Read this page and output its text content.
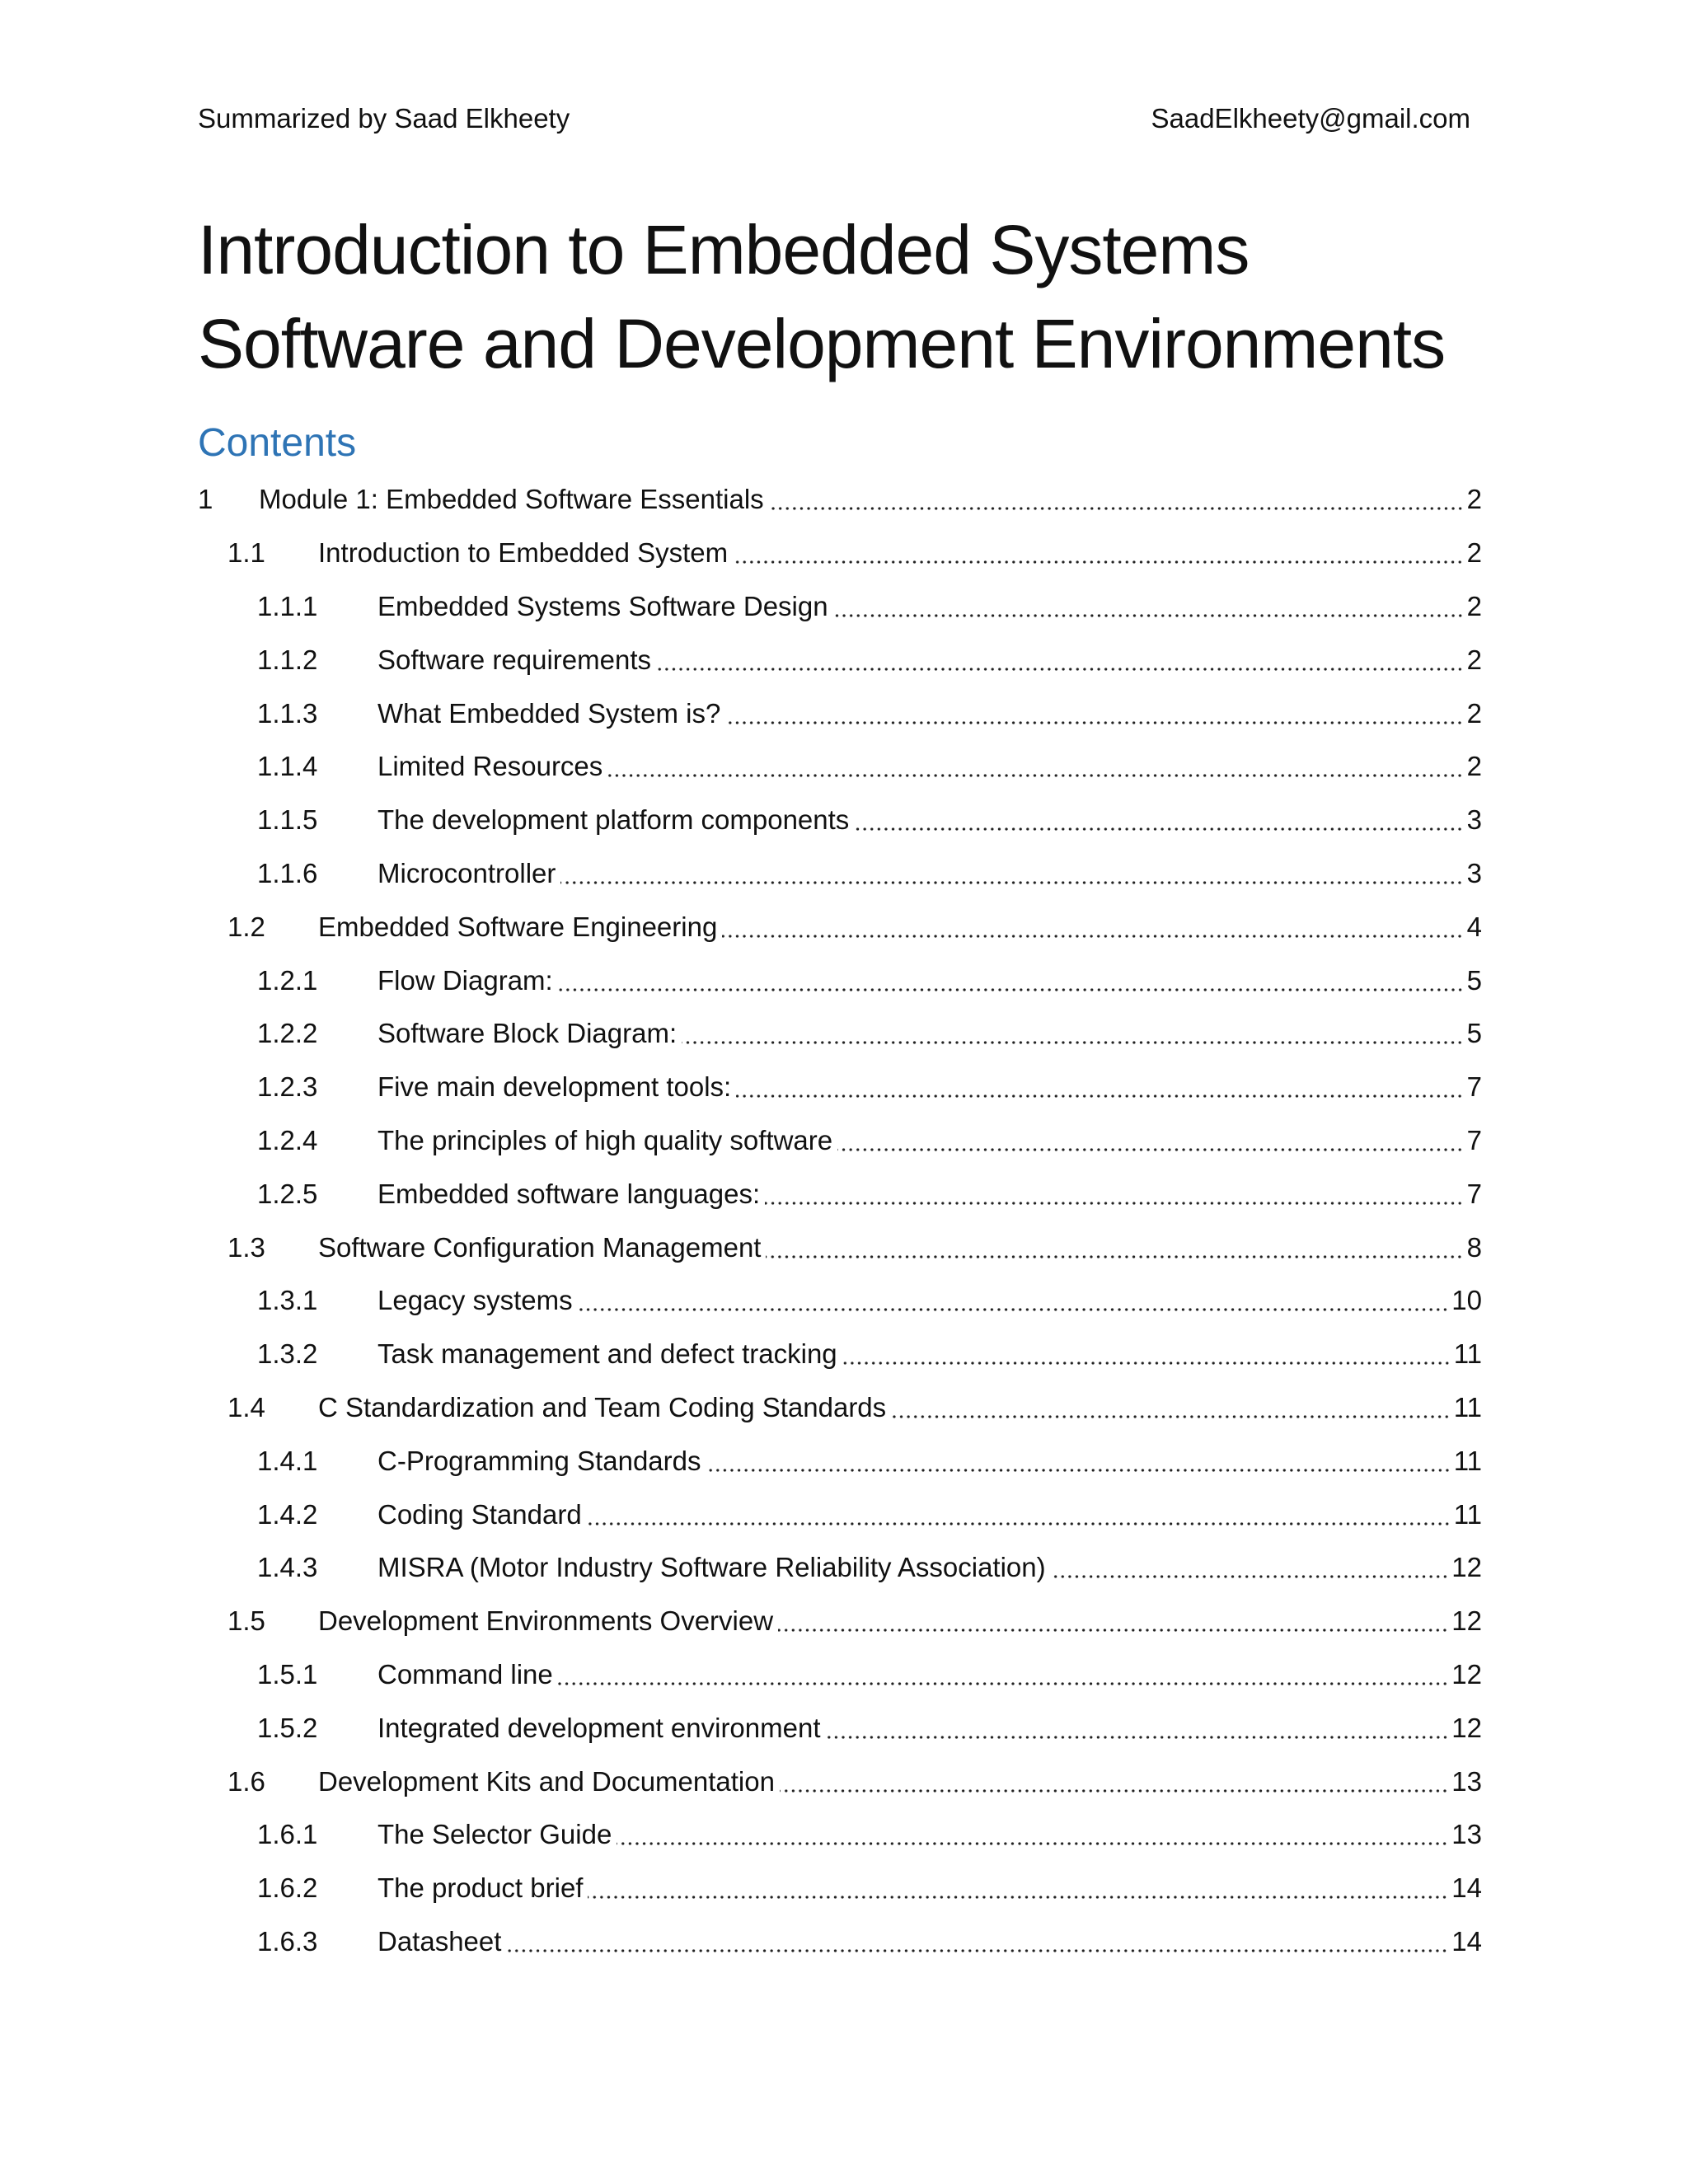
Summarized by Saad Elkheety	SaadElkheety@gmail.com
Introduction to Embedded Systems
Software and Development Environments
Contents
1	Module 1: Embedded Software Essentials	2
1.1	Introduction to Embedded System	2
1.1.1	Embedded Systems Software Design	2
1.1.2	Software requirements	2
1.1.3	What Embedded System is?	2
1.1.4	Limited Resources	2
1.1.5	The development platform components	3
1.1.6	Microcontroller	3
1.2	Embedded Software Engineering	4
1.2.1	Flow Diagram:	5
1.2.2	Software Block Diagram:	5
1.2.3	Five main development tools:	7
1.2.4	The principles of high quality software	7
1.2.5	Embedded software languages:	7
1.3	Software Configuration Management	8
1.3.1	Legacy systems	10
1.3.2	Task management and defect tracking	11
1.4	C Standardization and Team Coding Standards	11
1.4.1	C-Programming Standards	11
1.4.2	Coding Standard	11
1.4.3	MISRA (Motor Industry Software Reliability Association)	12
1.5	Development Environments Overview	12
1.5.1	Command line	12
1.5.2	Integrated development environment	12
1.6	Development Kits and Documentation	13
1.6.1	The Selector Guide	13
1.6.2	The product brief	14
1.6.3	Datasheet	14
